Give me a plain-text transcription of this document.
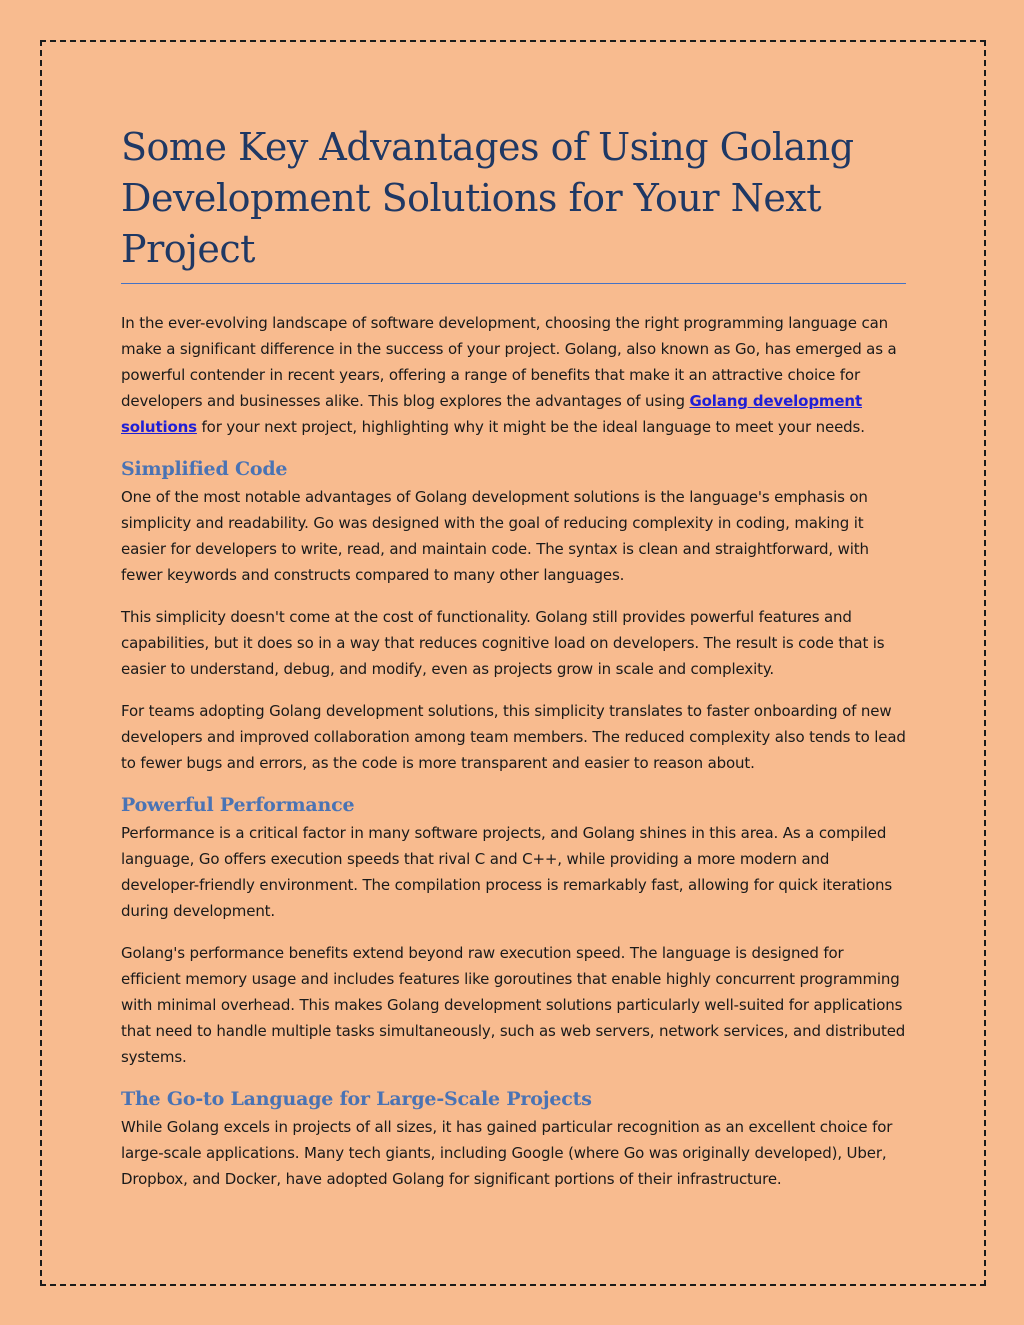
Some Key Advantages of Using Golang Development Solutions for Your Next Project

In the ever-evolving landscape of software development, choosing the right programming language can make a significant difference in the success of your project. Golang, also known as Go, has emerged as a powerful contender in recent years, offering a range of benefits that make it an attractive choice for developers and businesses alike. This blog explores the advantages of using Golang development solutions for your next project, highlighting why it might be the ideal language to meet your needs.

Simplified Code

One of the most notable advantages of Golang development solutions is the language's emphasis on simplicity and readability. Go was designed with the goal of reducing complexity in coding, making it easier for developers to write, read, and maintain code. The syntax is clean and straightforward, with fewer keywords and constructs compared to many other languages.

This simplicity doesn't come at the cost of functionality. Golang still provides powerful features and capabilities, but it does so in a way that reduces cognitive load on developers. The result is code that is easier to understand, debug, and modify, even as projects grow in scale and complexity.

For teams adopting Golang development solutions, this simplicity translates to faster onboarding of new developers and improved collaboration among team members. The reduced complexity also tends to lead to fewer bugs and errors, as the code is more transparent and easier to reason about.

Powerful Performance

Performance is a critical factor in many software projects, and Golang shines in this area. As a compiled language, Go offers execution speeds that rival C and C++, while providing a more modern and developer-friendly environment. The compilation process is remarkably fast, allowing for quick iterations during development.

Golang's performance benefits extend beyond raw execution speed. The language is designed for efficient memory usage and includes features like goroutines that enable highly concurrent programming with minimal overhead. This makes Golang development solutions particularly well-suited for applications that need to handle multiple tasks simultaneously, such as web servers, network services, and distributed systems.

The Go-to Language for Large-Scale Projects

While Golang excels in projects of all sizes, it has gained particular recognition as an excellent choice for large-scale applications. Many tech giants, including Google (where Go was originally developed), Uber, Dropbox, and Docker, have adopted Golang for significant portions of their infrastructure.
